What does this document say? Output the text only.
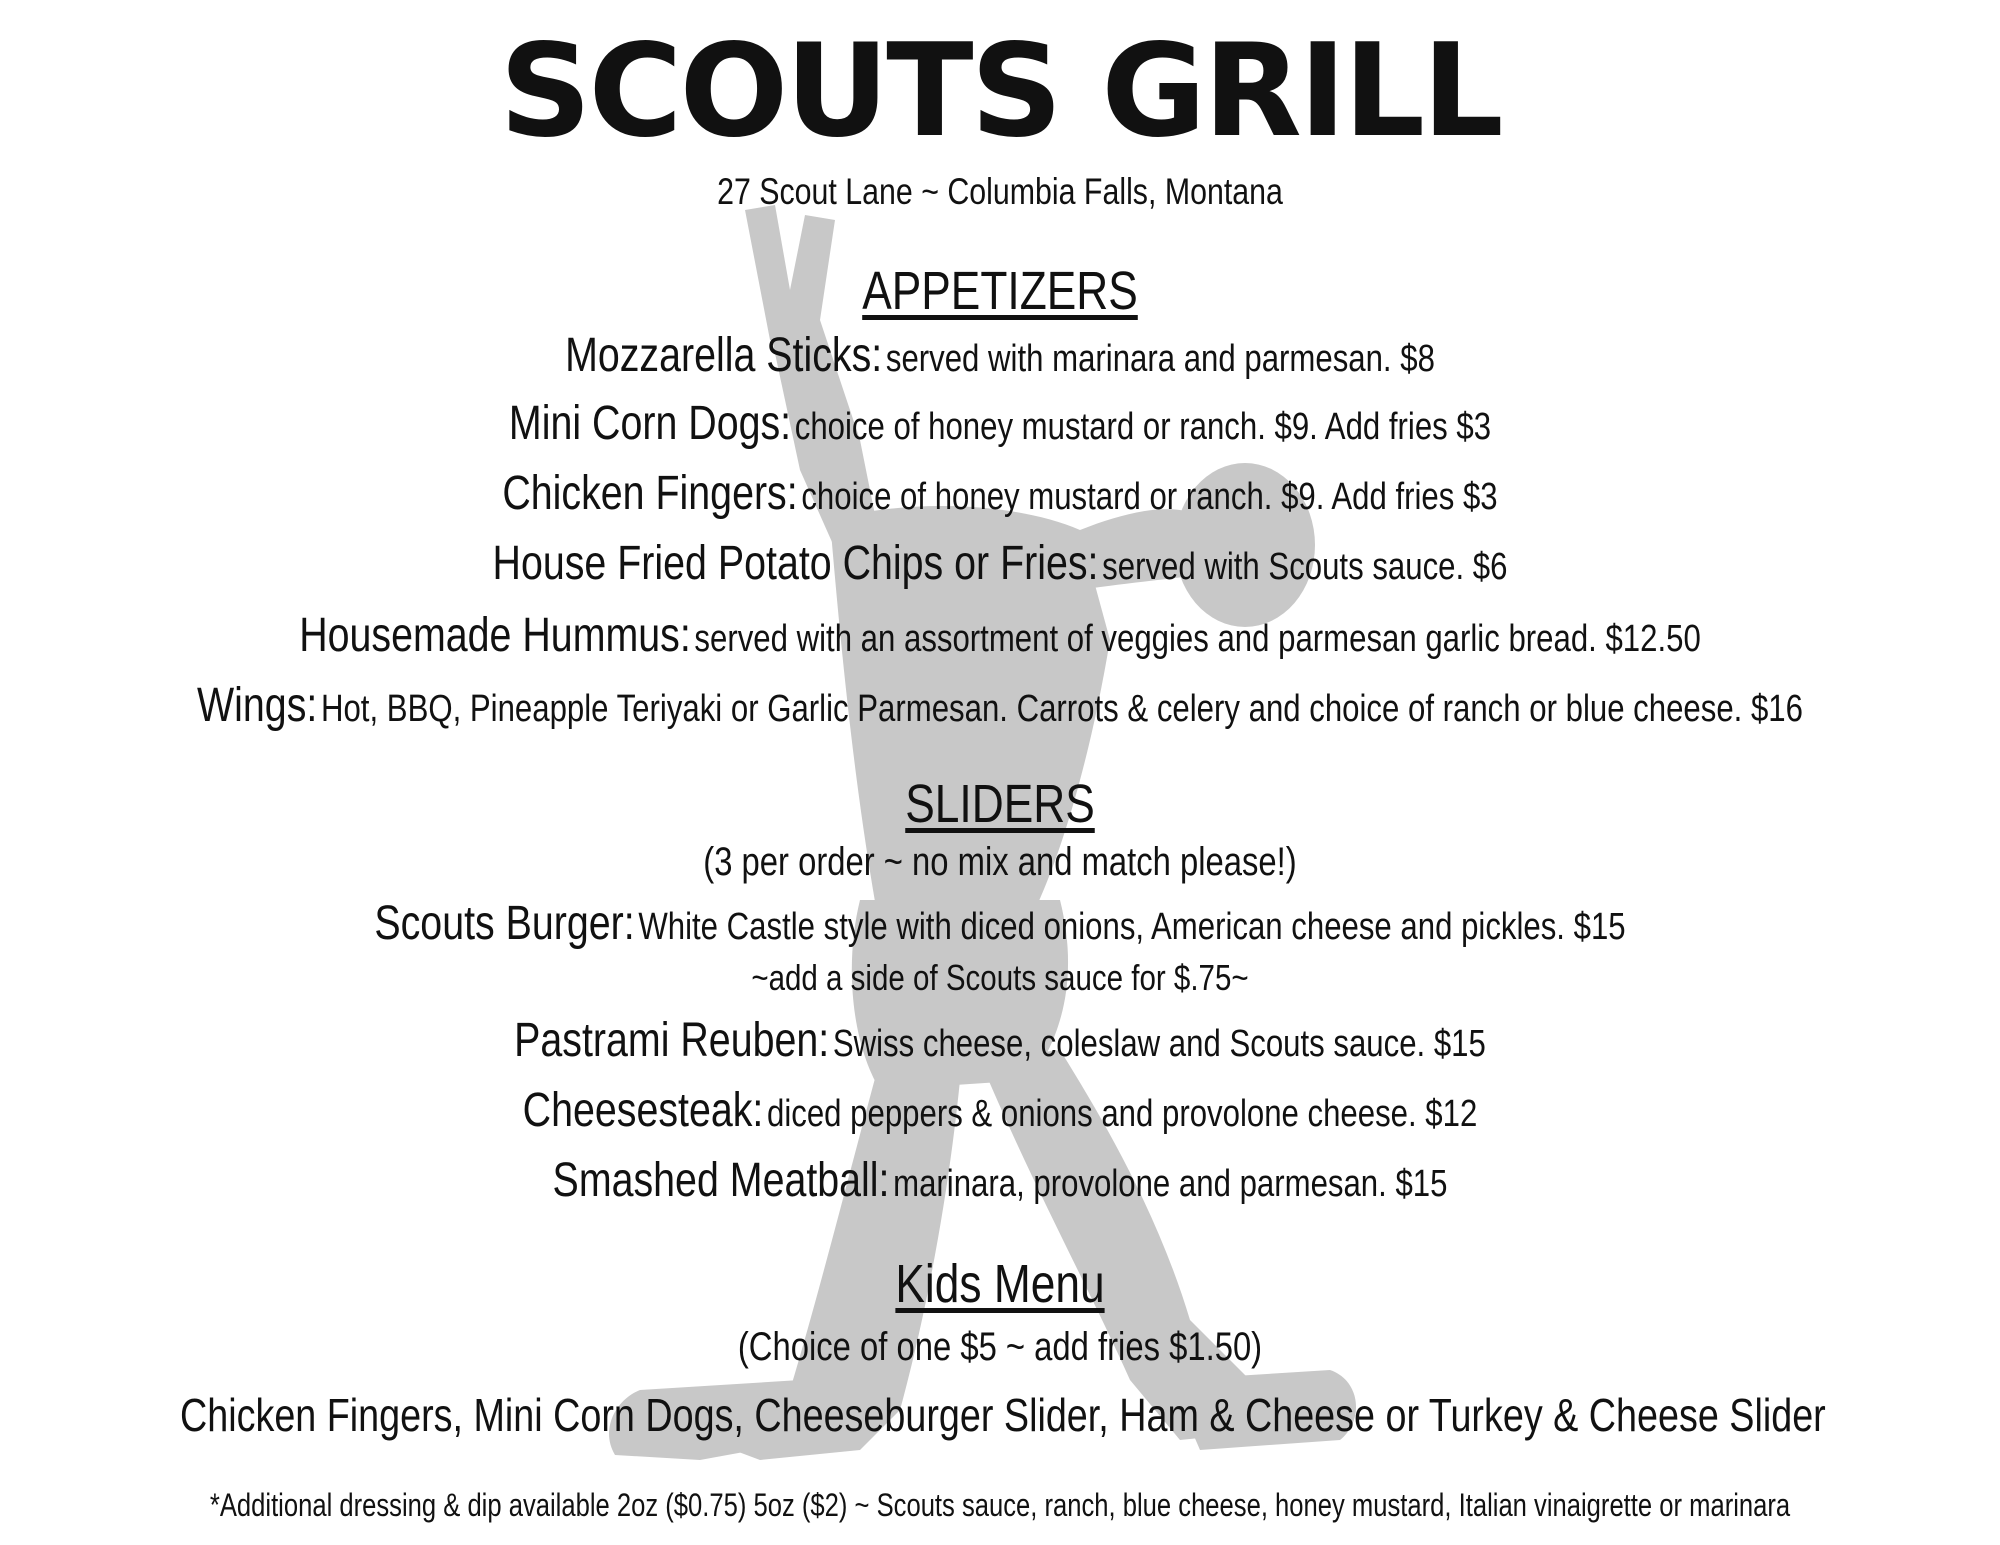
SCOUTS GRILL
27 Scout Lane ~ Columbia Falls, Montana
APPETIZERS
Mozzarella Sticks: served with marinara and parmesan. $8
Mini Corn Dogs: choice of honey mustard or ranch. $9. Add fries $3
Chicken Fingers: choice of honey mustard or ranch. $9. Add fries $3
House Fried Potato Chips or Fries: served with Scouts sauce. $6
Housemade Hummus: served with an assortment of veggies and parmesan garlic bread. $12.50
Wings: Hot, BBQ, Pineapple Teriyaki or Garlic Parmesan. Carrots & celery and choice of ranch or blue cheese. $16
SLIDERS
(3 per order ~ no mix and match please!)
Scouts Burger: White Castle style with diced onions, American cheese and pickles. $15
~add a side of Scouts sauce for $.75~
Pastrami Reuben: Swiss cheese, coleslaw and Scouts sauce. $15
Cheesesteak: diced peppers & onions and provolone cheese. $12
Smashed Meatball: marinara, provolone and parmesan. $15
Kids Menu
(Choice of one $5 ~ add fries $1.50)
Chicken Fingers, Mini Corn Dogs, Cheeseburger Slider, Ham & Cheese or Turkey & Cheese Slider
*Additional dressing & dip available 2oz ($0.75) 5oz ($2) ~ Scouts sauce, ranch, blue cheese, honey mustard, Italian vinaigrette or marinara
